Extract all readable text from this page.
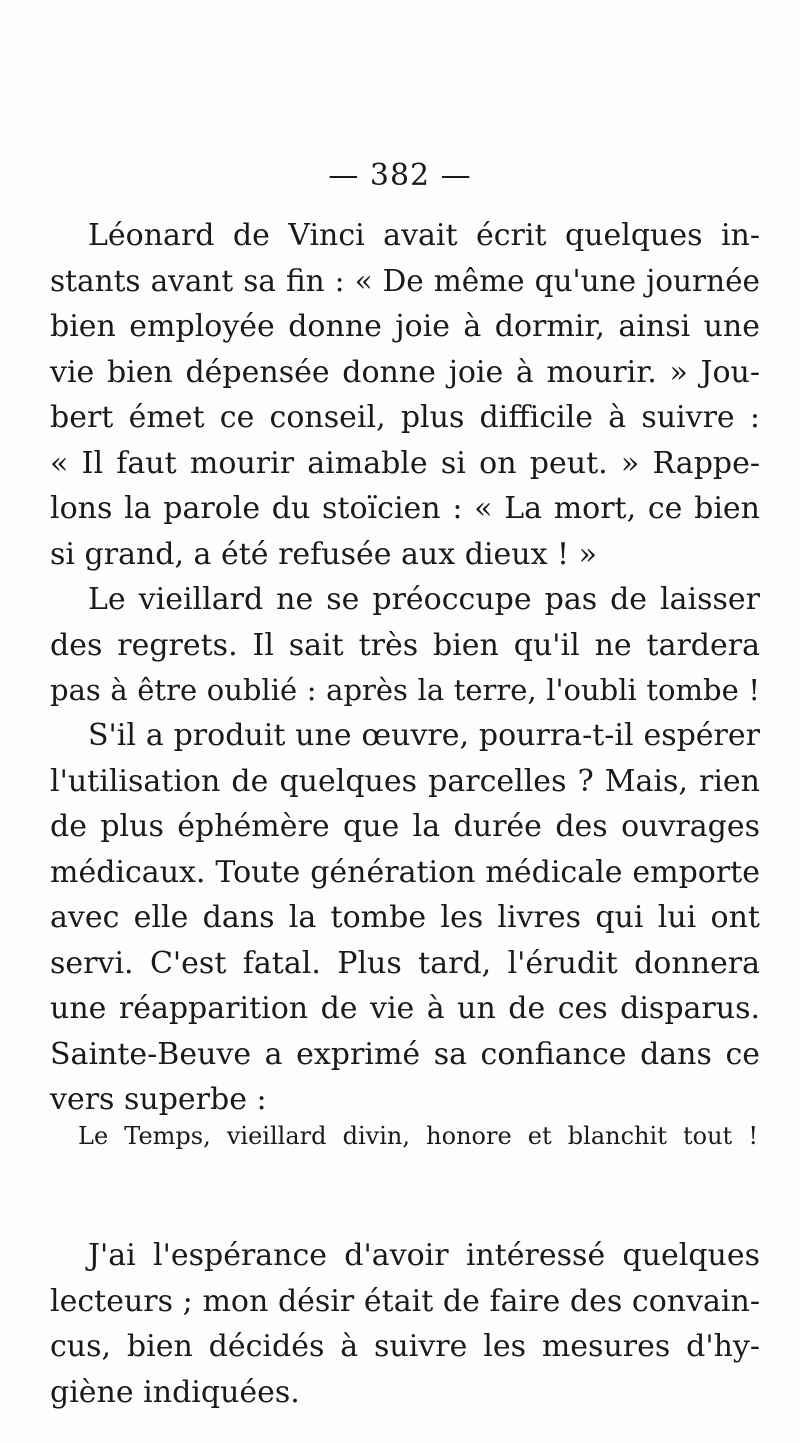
— 382 —
Léonard de Vinci avait écrit quelques in-
stants avant sa fin : « De même qu'une journée
bien employée donne joie à dormir, ainsi une
vie bien dépensée donne joie à mourir. » Jou-
bert émet ce conseil, plus difficile à suivre :
« Il faut mourir aimable si on peut. » Rappe-
lons la parole du stoïcien : « La mort, ce bien
si grand, a été refusée aux dieux ! »
Le vieillard ne se préoccupe pas de laisser
des regrets. Il sait très bien qu'il ne tardera
pas à être oublié : après la terre, l'oubli tombe !
S'il a produit une œuvre, pourra-t-il espérer
l'utilisation de quelques parcelles ? Mais, rien
de plus éphémère que la durée des ouvrages
médicaux. Toute génération médicale emporte
avec elle dans la tombe les livres qui lui ont
servi. C'est fatal. Plus tard, l'érudit donnera
une réapparition de vie à un de ces disparus.
Sainte-Beuve a exprimé sa confiance dans ce
vers superbe :
Le Temps, vieillard divin, honore et blanchit tout !
J'ai l'espérance d'avoir intéressé quelques
lecteurs ; mon désir était de faire des convain-
cus, bien décidés à suivre les mesures d'hy-
giène indiquées.
